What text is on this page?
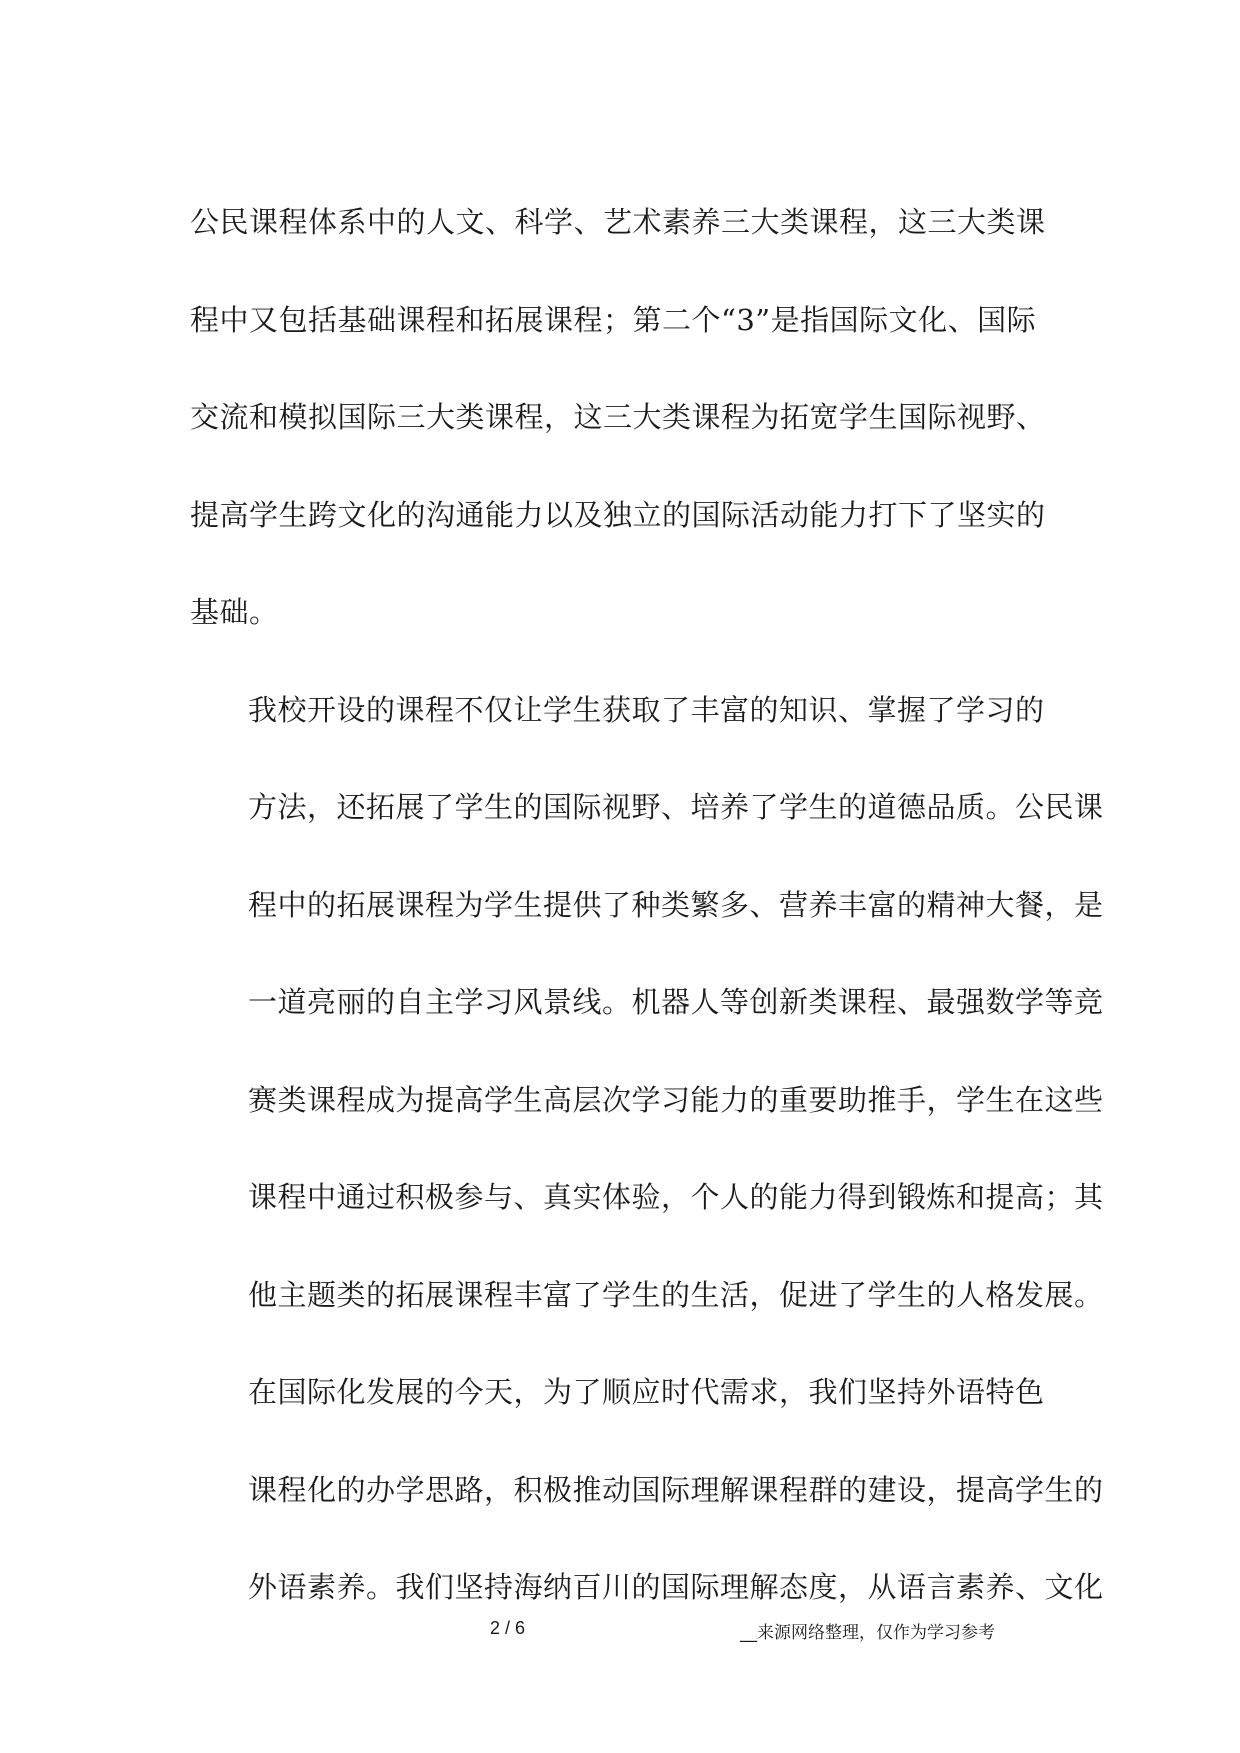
公民课程体系中的人文、科学、艺术素养三大类课程，这三大类课
程中又包括基础课程和拓展课程；第二个“3”是指国际文化、国际
交流和模拟国际三大类课程，这三大类课程为拓宽学生国际视野、
提高学生跨文化的沟通能力以及独立的国际活动能力打下了坚实的
基础。

我校开设的课程不仅让学生获取了丰富的知识、掌握了学习的
方法，还拓展了学生的国际视野、培养了学生的道德品质。公民课
程中的拓展课程为学生提供了种类繁多、营养丰富的精神大餐，是
一道亮丽的自主学习风景线。机器人等创新类课程、最强数学等竞
赛类课程成为提高学生高层次学习能力的重要助推手，学生在这些
课程中通过积极参与、真实体验，个人的能力得到锻炼和提高；其
他主题类的拓展课程丰富了学生的生活，促进了学生的人格发展。

在国际化发展的今天，为了顺应时代需求，我们坚持外语特色
课程化的办学思路，积极推动国际理解课程群的建设，提高学生的
外语素养。我们坚持海纳百川的国际理解态度，从语言素养、文化

2 / 6	__来源网络整理，仅作为学习参考
